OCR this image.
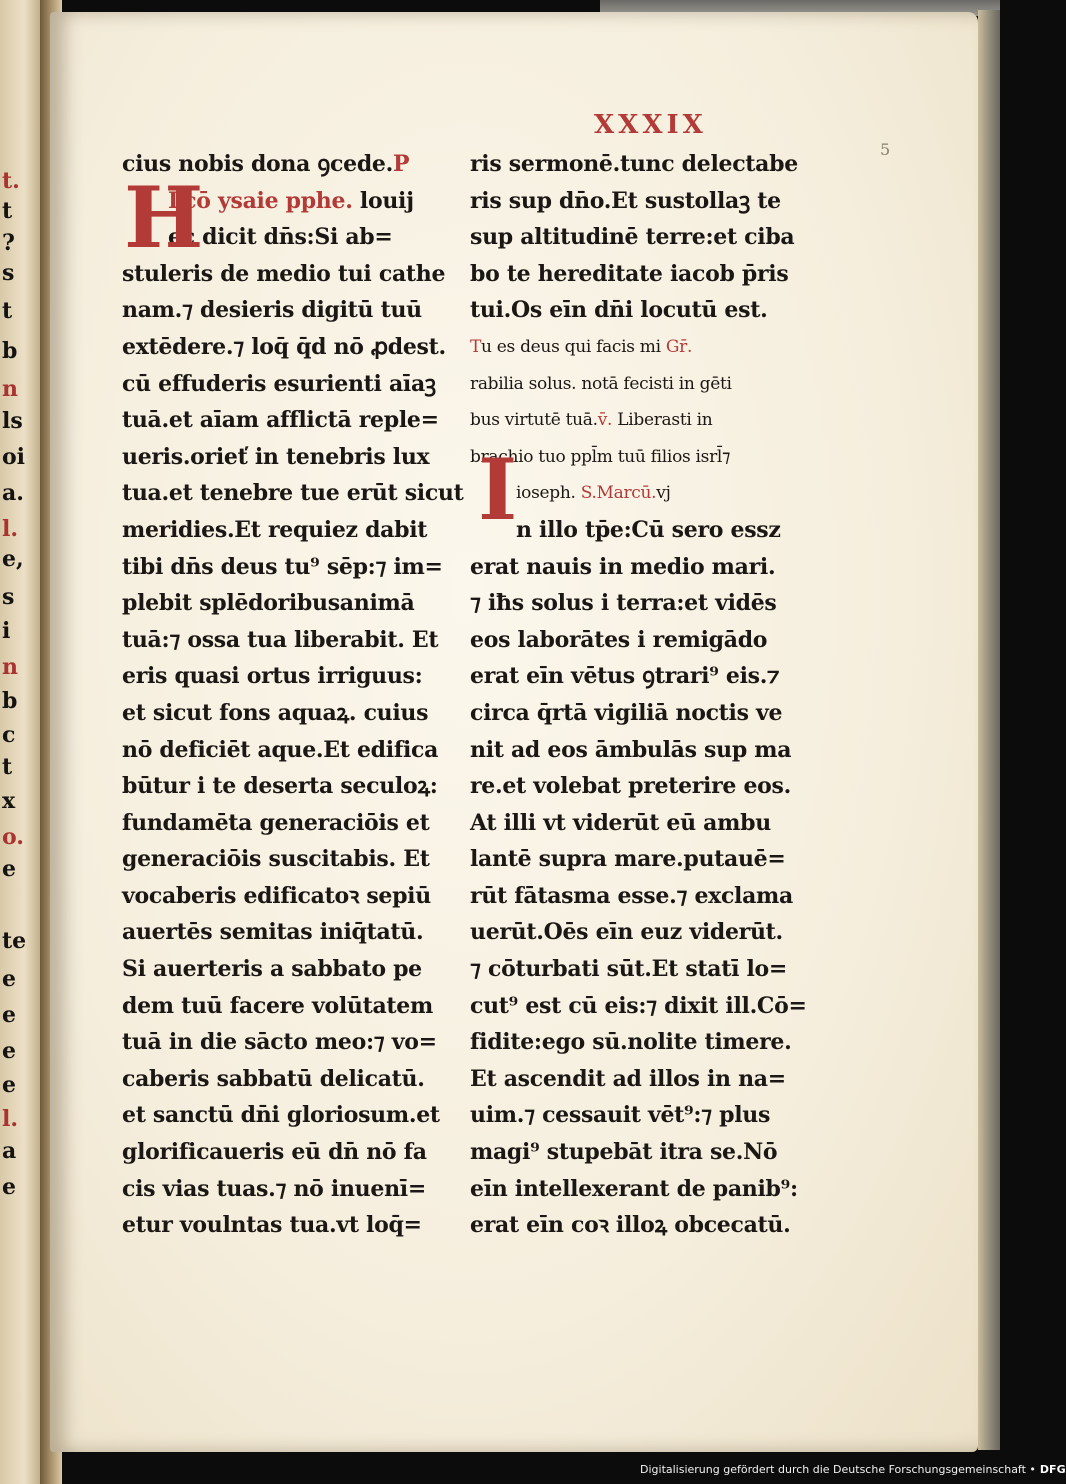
t.
t
?
s
t
b
n
ls
oi
a.
l.
e,
s
i
n
b
c
t
x
o.
e
te
e
e
e
e
l.
a
e
XXXIX
5
cius nobis dona ꝯcede.P
Lcō ysaie pphe. louij
ec dicit dn̄s:Si ab=
stuleris de medio tui cathe
nam.⁊ desieris digitū tuū
extēdere.⁊ loq̄ q̄d nō ꝓdest.
cū effuderis esurienti aīaꝫ
tuā.et aīam afflictā reple=
ueris.orieť in tenebris lux
tua.et tenebre tue erūt sicut
meridies.Et requiez dabit
tibi dn̄s deus tu⁹ sēp:⁊ im=
plebit splēdoribusanimā
tuā:⁊ ossa tua liberabit. Et
eris quasi ortus irriguus:
et sicut fons aquaꝝ. cuius
nō deficiēt aque.Et edifica
būtur i te deserta seculoꝝ:
fundamēta generaciōis et
generaciōis suscitabis. Et
vocaberis edificatoꝛ sepiū
auertēs semitas iniq̄tatū.
Si auerteris a sabbato pe
dem tuū facere volūtatem
tuā in die sācto meo:⁊ vo=
caberis sabbatū delicatū.
et sanctū dn̄i gloriosum.et
glorificaueris eū dn̄ nō fa
cis vias tuas.⁊ nō inuenī=
etur voulntas tua.vt loq̄=
ris sermonē.tunc delectabe
ris sup dn̄o.Et sustollaꝫ te
sup altitudinē terre:et ciba
bo te hereditate iacob p̄ris
tui.Os eīn dn̄i locutū est.
Tu es deus qui facis mi Gr̄.
rabilia solus. notā fecisti in gēti
bus virtutē tuā.v̄. Liberasti in
brachio tuo ppl̄m tuū filios isrl̄⁊
ioseph. S.Marcū.vj
n illo tp̄e:Cū sero essz
erat nauis in medio mari.
⁊ iħs solus i terra:et vidēs
eos laborātes i remigādo
erat eīn vētus ꝯtrari⁹ eis.⁊
circa q̄rtā vigiliā noctis ve
nit ad eos āmbulās sup ma
re.et volebat preterire eos.
At illi vt viderūt eū ambu
lantē supra mare.putauē=
rūt fātasma esse.⁊ exclama
uerūt.Oēs eīn euz viderūt.
⁊ cōturbati sūt.Et statī lo=
cut⁹ est cū eis:⁊ dixit ill.Cō=
fidite:ego sū.nolite timere.
Et ascendit ad illos in na=
uim.⁊ cessauit vēt⁹:⁊ plus
magi⁹ stupebāt itra se.Nō
eīn intellexerant de panib⁹:
erat eīn coꝛ illoꝝ obcecatū.
H
I
Digitalisierung gefördert durch die Deutsche Forschungsgemeinschaft • DFG
